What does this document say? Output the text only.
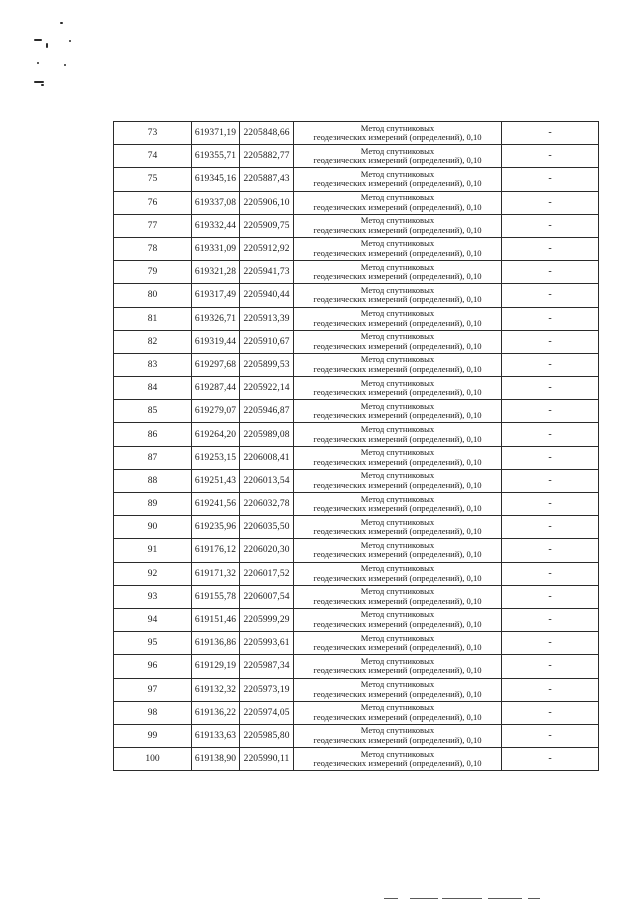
73	619371,19	2205848,66	Метод спутниковых
геодезических измерений (определений), 0,10	-
74	619355,71	2205882,77	Метод спутниковых
геодезических измерений (определений), 0,10	-
75	619345,16	2205887,43	Метод спутниковых
геодезических измерений (определений), 0,10	-
76	619337,08	2205906,10	Метод спутниковых
геодезических измерений (определений), 0,10	-
77	619332,44	2205909,75	Метод спутниковых
геодезических измерений (определений), 0,10	-
78	619331,09	2205912,92	Метод спутниковых
геодезических измерений (определений), 0,10	-
79	619321,28	2205941,73	Метод спутниковых
геодезических измерений (определений), 0,10	-
80	619317,49	2205940,44	Метод спутниковых
геодезических измерений (определений), 0,10	-
81	619326,71	2205913,39	Метод спутниковых
геодезических измерений (определений), 0,10	-
82	619319,44	2205910,67	Метод спутниковых
геодезических измерений (определений), 0,10	-
83	619297,68	2205899,53	Метод спутниковых
геодезических измерений (определений), 0,10	-
84	619287,44	2205922,14	Метод спутниковых
геодезических измерений (определений), 0,10	-
85	619279,07	2205946,87	Метод спутниковых
геодезических измерений (определений), 0,10	-
86	619264,20	2205989,08	Метод спутниковых
геодезических измерений (определений), 0,10	-
87	619253,15	2206008,41	Метод спутниковых
геодезических измерений (определений), 0,10	-
88	619251,43	2206013,54	Метод спутниковых
геодезических измерений (определений), 0,10	-
89	619241,56	2206032,78	Метод спутниковых
геодезических измерений (определений), 0,10	-
90	619235,96	2206035,50	Метод спутниковых
геодезических измерений (определений), 0,10	-
91	619176,12	2206020,30	Метод спутниковых
геодезических измерений (определений), 0,10	-
92	619171,32	2206017,52	Метод спутниковых
геодезических измерений (определений), 0,10	-
93	619155,78	2206007,54	Метод спутниковых
геодезических измерений (определений), 0,10	-
94	619151,46	2205999,29	Метод спутниковых
геодезических измерений (определений), 0,10	-
95	619136,86	2205993,61	Метод спутниковых
геодезических измерений (определений), 0,10	-
96	619129,19	2205987,34	Метод спутниковых
геодезических измерений (определений), 0,10	-
97	619132,32	2205973,19	Метод спутниковых
геодезических измерений (определений), 0,10	-
98	619136,22	2205974,05	Метод спутниковых
геодезических измерений (определений), 0,10	-
99	619133,63	2205985,80	Метод спутниковых
геодезических измерений (определений), 0,10	-
100	619138,90	2205990,11	Метод спутниковых
геодезических измерений (определений), 0,10	-
